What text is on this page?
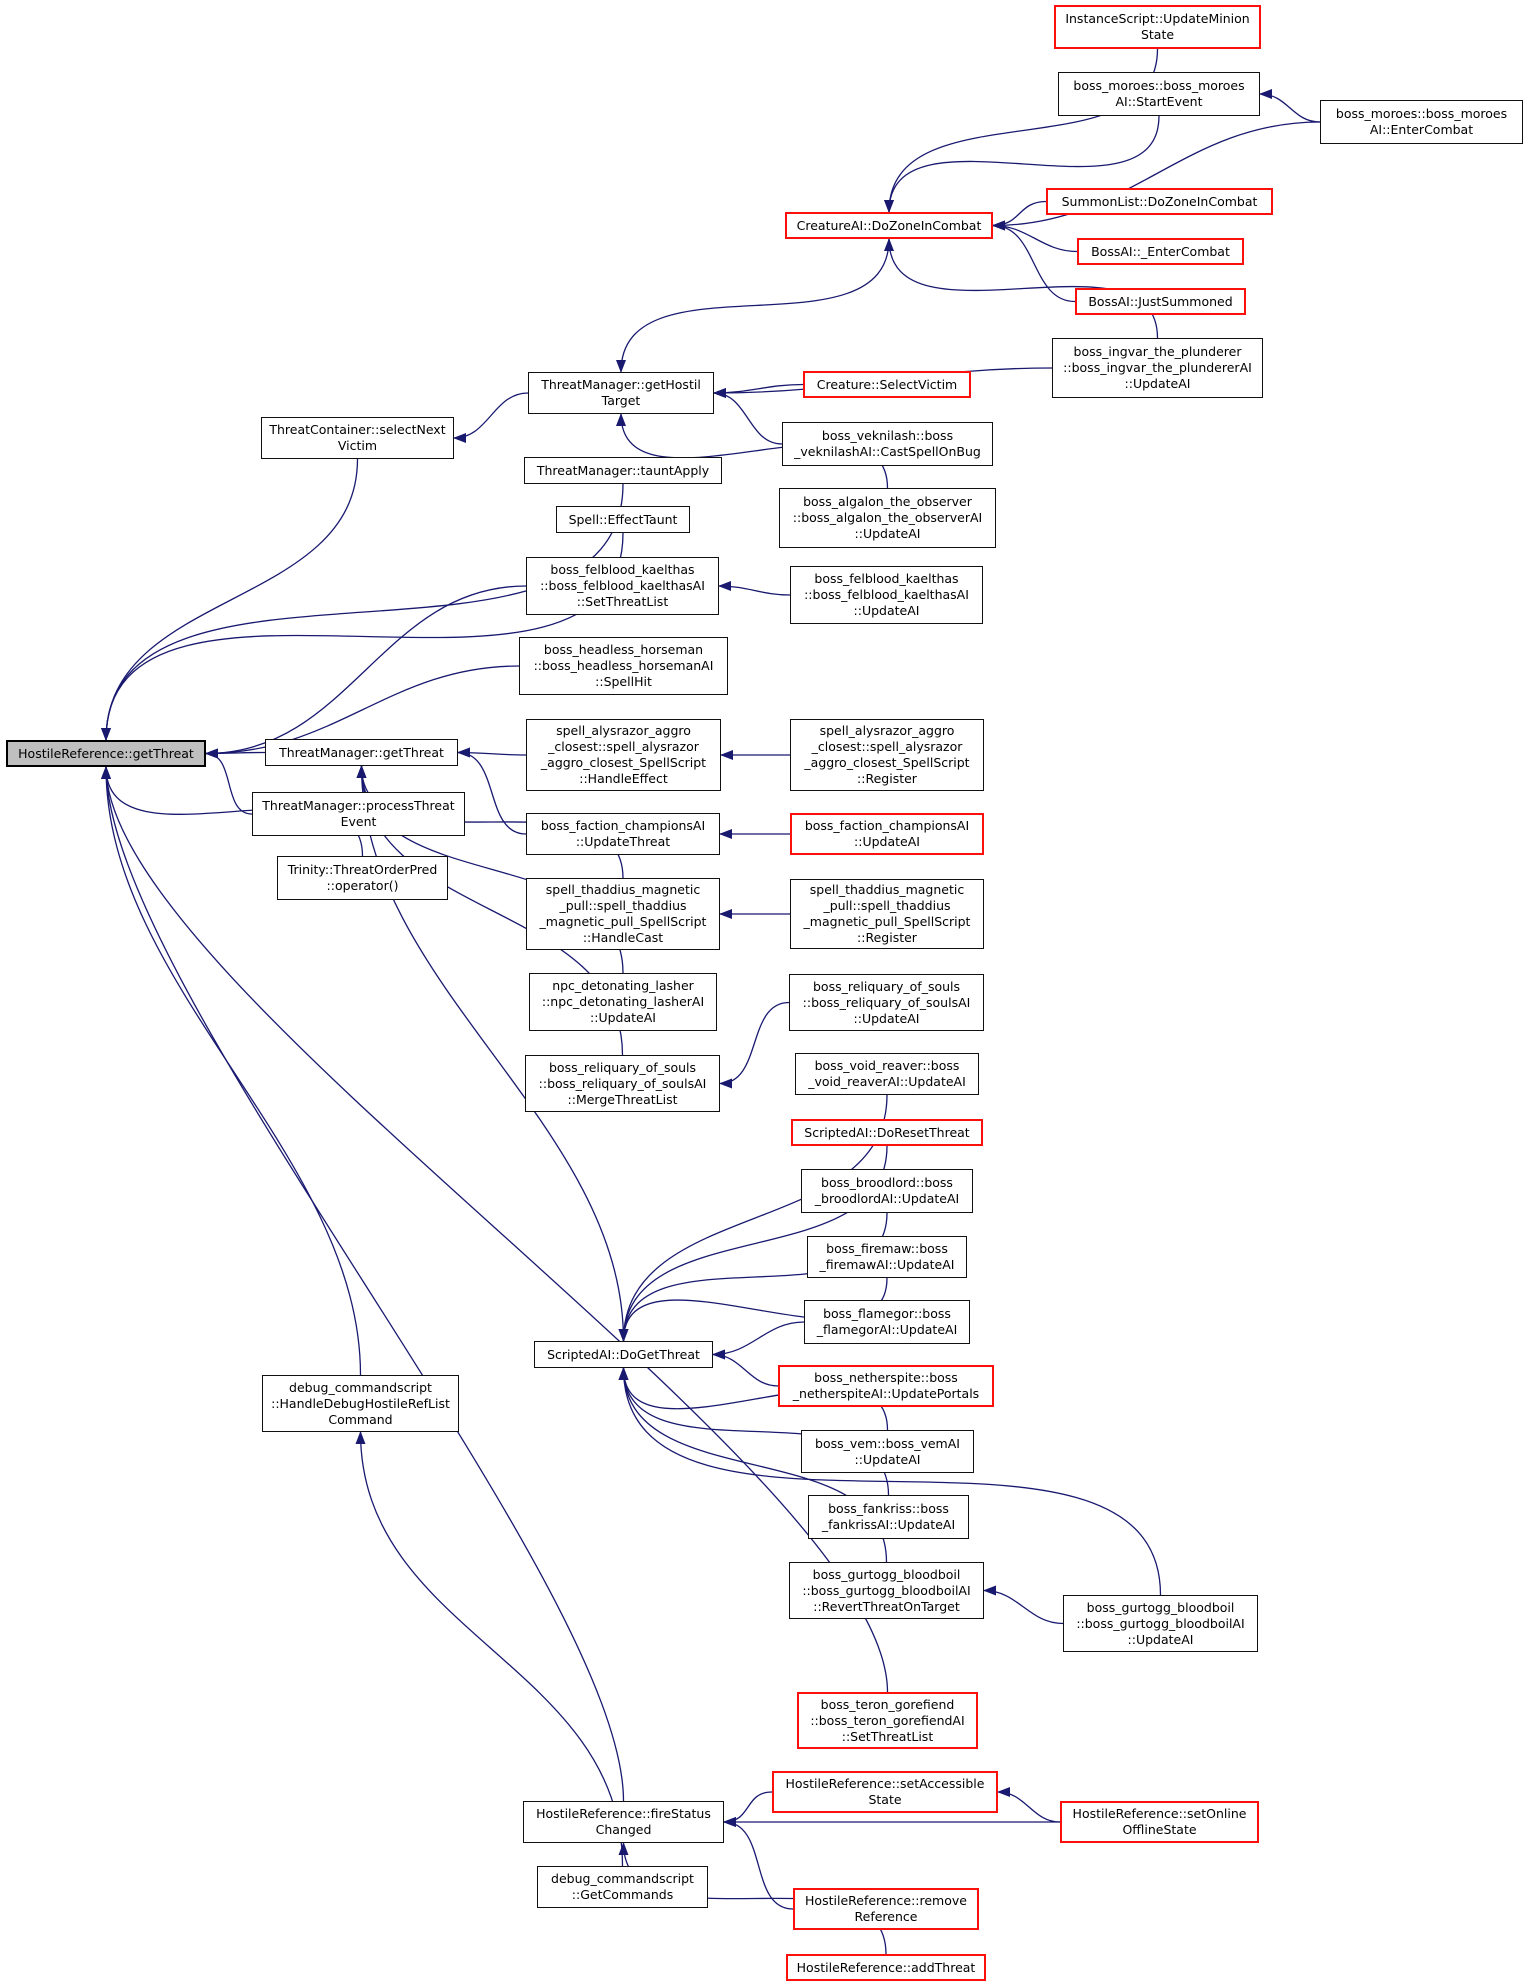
InstanceScript::UpdateMinion
State
boss_moroes::boss_moroes
AI::StartEvent
boss_moroes::boss_moroes
AI::EnterCombat
SummonList::DoZoneInCombat
BossAI::_EnterCombat
BossAI::JustSummoned
CreatureAI::DoZoneInCombat
boss_ingvar_the_plunderer
::boss_ingvar_the_plundererAI
::UpdateAI
ThreatManager::getHostil
Target
Creature::SelectVictim
boss_veknilash::boss
_veknilashAI::CastSpellOnBug
boss_algalon_the_observer
::boss_algalon_the_observerAI
::UpdateAI
ThreatContainer::selectNext
Victim
ThreatManager::tauntApply
Spell::EffectTaunt
boss_felblood_kaelthas
::boss_felblood_kaelthasAI
::SetThreatList
boss_headless_horseman
::boss_headless_horsemanAI
::SpellHit
boss_felblood_kaelthas
::boss_felblood_kaelthasAI
::UpdateAI
HostileReference::getThreat	ThreatManager::getThreat
ThreatManager::processThreat
Event
Trinity::ThreatOrderPred
::operator()
spell_alysrazor_aggro
_closest::spell_alysrazor
_aggro_closest_SpellScript
::HandleEffect
spell_alysrazor_aggro
_closest::spell_alysrazor
_aggro_closest_SpellScript
::Register
boss_faction_championsAI
::UpdateThreat
boss_faction_championsAI
::UpdateAI
spell_thaddius_magnetic
_pull::spell_thaddius
_magnetic_pull_SpellScript
::HandleCast
spell_thaddius_magnetic
_pull::spell_thaddius
_magnetic_pull_SpellScript
::Register
npc_detonating_lasher
::npc_detonating_lasherAI
::UpdateAI
boss_reliquary_of_souls
::boss_reliquary_of_soulsAI
::UpdateAI
boss_reliquary_of_souls
::boss_reliquary_of_soulsAI
::MergeThreatList
boss_void_reaver::boss
_void_reaverAI::UpdateAI
ScriptedAI::DoResetThreat
boss_broodlord::boss
_broodlordAI::UpdateAI
boss_firemaw::boss
_firemawAI::UpdateAI
boss_flamegor::boss
_flamegorAI::UpdateAI
boss_netherspite::boss
_netherspiteAI::UpdatePortals
boss_vem::boss_vemAI
::UpdateAI
boss_fankriss::boss
_fankrissAI::UpdateAI
ScriptedAI::DoGetThreat
boss_gurtogg_bloodboil
::boss_gurtogg_bloodboilAI
::RevertThreatOnTarget	boss_gurtogg_bloodboil
::boss_gurtogg_bloodboilAI
::UpdateAI
boss_teron_gorefiend
::boss_teron_gorefiendAI
::SetThreatList
HostileReference::setAccessible
State
HostileReference::fireStatus
Changed
HostileReference::setOnline
OfflineState
debug_commandscript
::GetCommands	HostileReference::remove
Reference
HostileReference::addThreat
debug_commandscript
::HandleDebugHostileRefList
Command
